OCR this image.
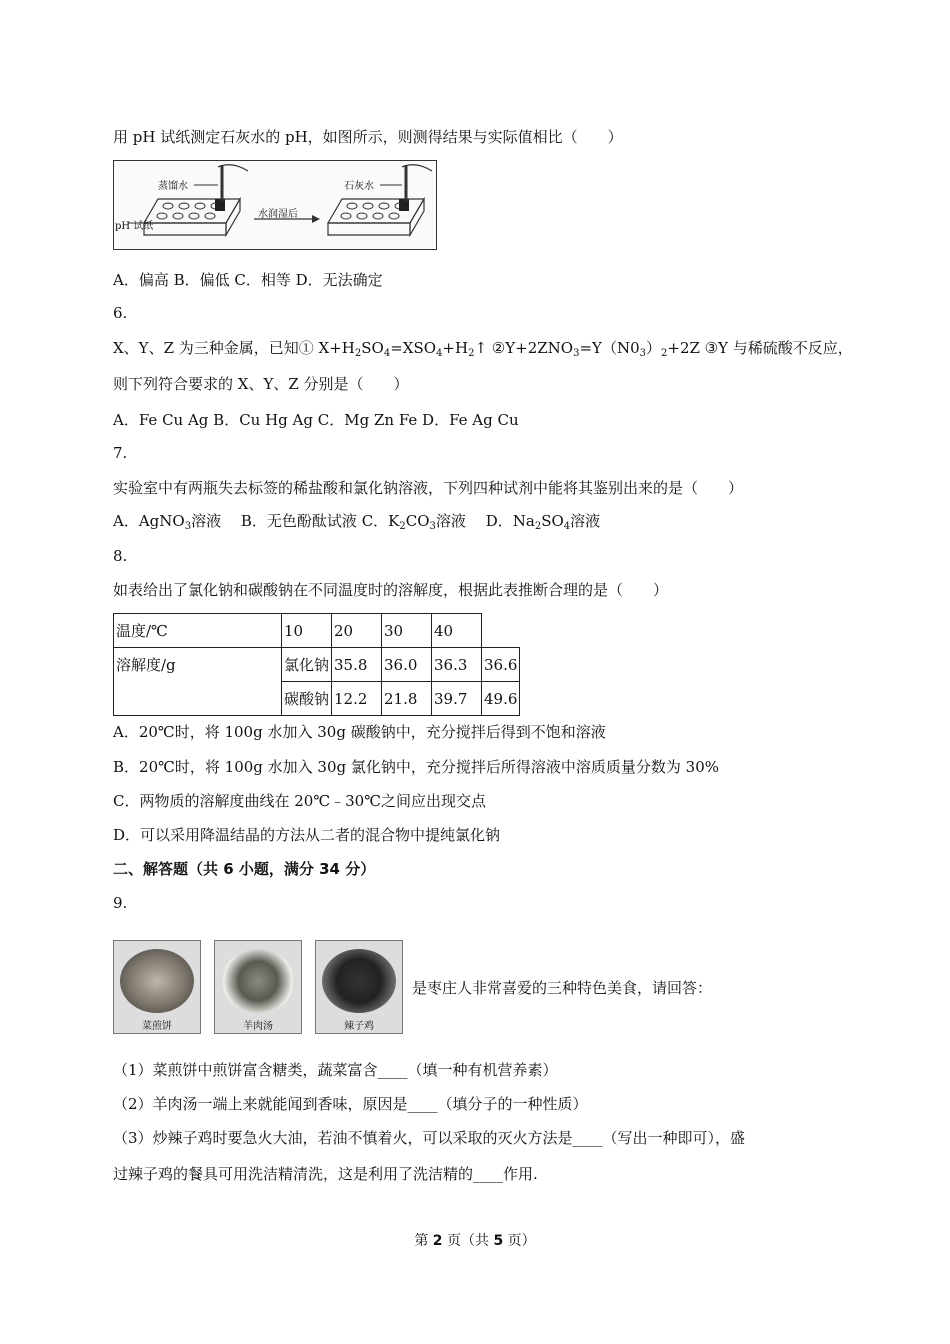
用 pH 试纸测定石灰水的 pH，如图所示，则测得结果与实际值相比（　　）
蒸馏水
pH 试纸
水润湿后
石灰水
A．偏高 B．偏低 C．相等 D．无法确定
6.
X、Y、Z 为三种金属，已知① $X+H_2SO_4=XSO_4+H_2↑$ $②Y+2ZNO_3=Y(N0_3)_2+2Z$ ③Y 与稀硫酸不反应，
则下列符合要求的 X、Y、Z 分别是（　　）
A．Fe Cu Ag B．Cu Hg Ag C．Mg Zn Fe D．Fe Ag Cu
7.
实验室中有两瓶失去标签的稀盐酸和氯化钠溶液，下列四种试剂中能将其鉴别出来的是（　　）
A．AgNO$_3$溶液　 B．无色酚酞试液 C．$K_2CO_3$溶液　 D．$Na_2SO_4$溶液
8.
如表给出了氯化钠和碳酸钠在不同温度时的溶解度，根据此表推断合理的是（　　）
温度/℃	10	20	30	40	
溶解度/g	氯化钠	35.8	36.0	36.3	36.6
	碳酸钠	12.2	21.8	39.7	49.6
A．20℃时，将 100g 水加入 30g 碳酸钠中，充分搅拌后得到不饱和溶液
B．20℃时，将 100g 水加入 30g 氯化钠中，充分搅拌后所得溶液中溶质质量分数为 30%
C．两物质的溶解度曲线在 20℃﹣30℃之间应出现交点
D．可以采用降温结晶的方法从二者的混合物中提纯氯化钠
二、解答题（共 6 小题，满分 34 分）
9.
菜煎饼	羊肉汤	辣子鸡
是枣庄人非常喜爱的三种特色美食，请回答：
（1）菜煎饼中煎饼富含糖类，蔬菜富含____（填一种有机营养素）
（2）羊肉汤一端上来就能闻到香味，原因是____（填分子的一种性质）
（3）炒辣子鸡时要急火大油，若油不慎着火，可以采取的灭火方法是____（写出一种即可），盛
过辣子鸡的餐具可用洗洁精清洗，这是利用了洗洁精的____作用.
第 2 页（共 5 页）
